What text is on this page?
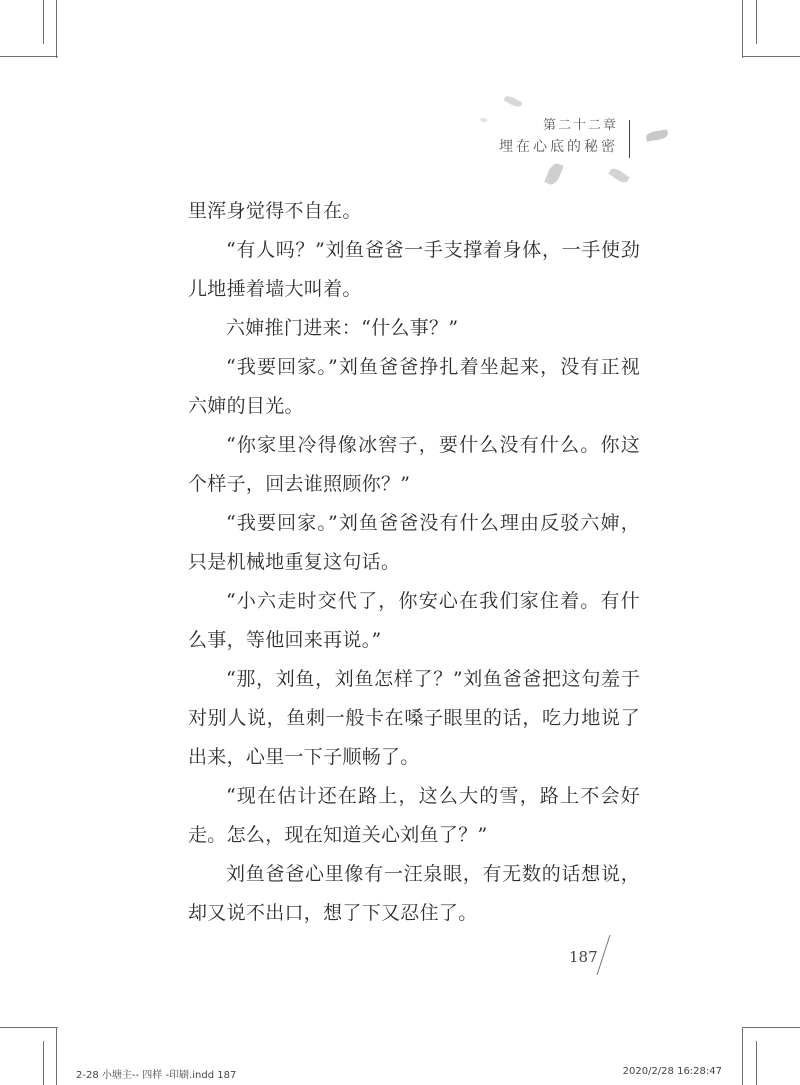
第二十二章
埋在心底的秘密

里浑身觉得不自在。

“有人吗？”刘鱼爸爸一手支撑着身体，一手使劲儿地捶着墙大叫着。

六婶推门进来：“什么事？”

“我要回家。”刘鱼爸爸挣扎着坐起来，没有正视六婶的目光。

“你家里冷得像冰窖子，要什么没有什么。你这个样子，回去谁照顾你？”

“我要回家。”刘鱼爸爸没有什么理由反驳六婶，只是机械地重复这句话。

“小六走时交代了，你安心在我们家住着。有什么事，等他回来再说。”

“那，刘鱼，刘鱼怎样了？”刘鱼爸爸把这句羞于对别人说，鱼刺一般卡在嗓子眼里的话，吃力地说了出来，心里一下子顺畅了。

“现在估计还在路上，这么大的雪，路上不会好走。怎么，现在知道关心刘鱼了？”

刘鱼爸爸心里像有一汪泉眼，有无数的话想说，却又说不出口，想了下又忍住了。

187
2-28 小塘主-- 四样 -印刷.indd 187	2020/2/28 16:28:47
